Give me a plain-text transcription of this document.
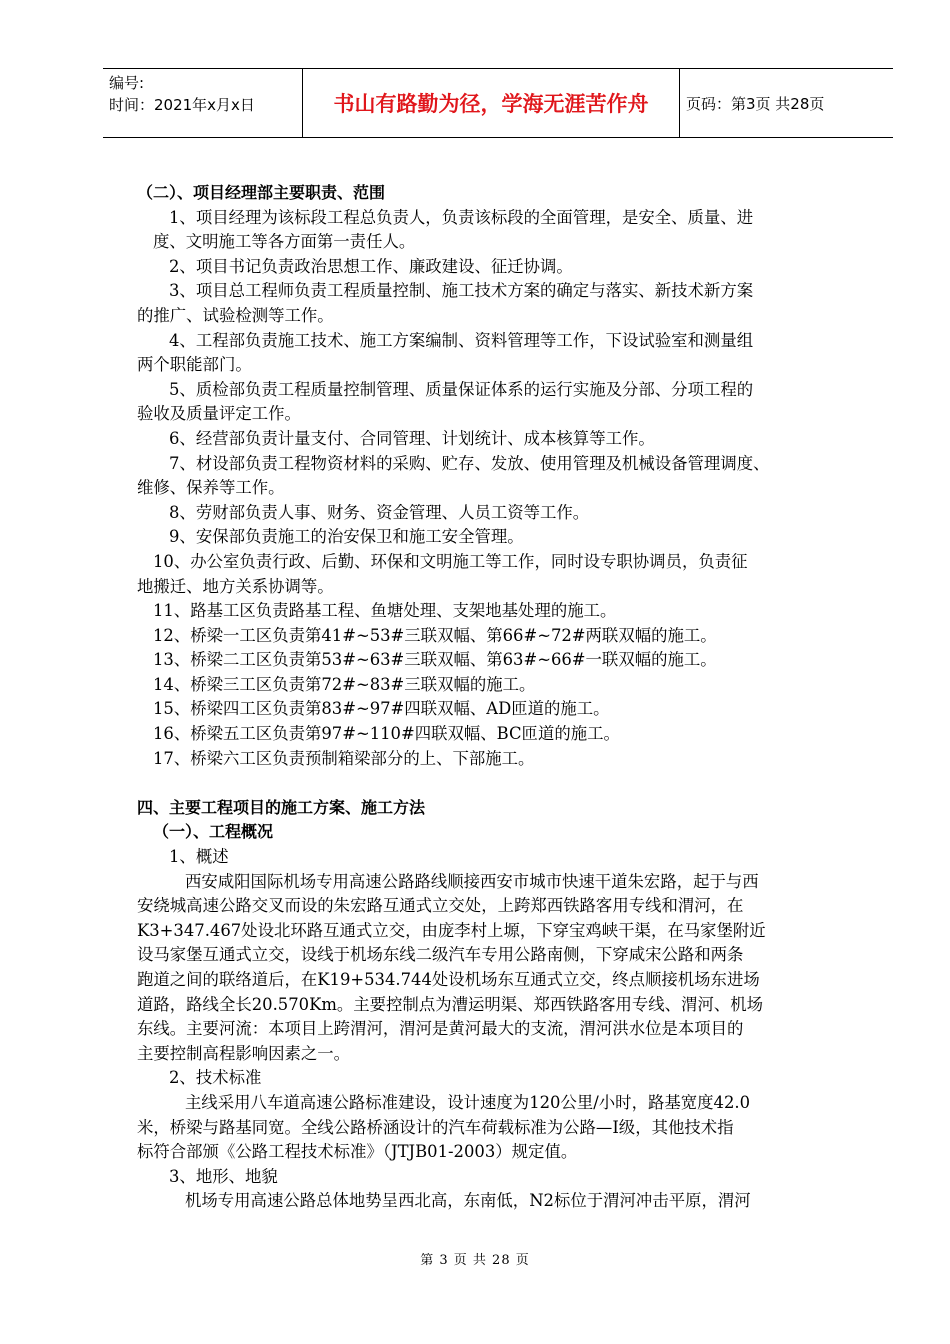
编号:
时间：2021年x月x日	书山有路勤为径，学海无涯苦作舟	页码：第3页 共28页

（二）、项目经理部主要职责、范围

1、项目经理为该标段工程总负责人，负责该标段的全面管理，是安全、质量、进

度、文明施工等各方面第一责任人。

2、项目书记负责政治思想工作、廉政建设、征迁协调。

3、项目总工程师负责工程质量控制、施工技术方案的确定与落实、新技术新方案

的推广、试验检测等工作。

4、工程部负责施工技术、施工方案编制、资料管理等工作，下设试验室和测量组

两个职能部门。

5、质检部负责工程质量控制管理、质量保证体系的运行实施及分部、分项工程的

验收及质量评定工作。

6、经营部负责计量支付、合同管理、计划统计、成本核算等工作。

7、材设部负责工程物资材料的采购、贮存、发放、使用管理及机械设备管理调度、

维修、保养等工作。

8、劳财部负责人事、财务、资金管理、人员工资等工作。

9、安保部负责施工的治安保卫和施工安全管理。

10、办公室负责行政、后勤、环保和文明施工等工作，同时设专职协调员，负责征

地搬迁、地方关系协调等。

11、路基工区负责路基工程、鱼塘处理、支架地基处理的施工。

12、桥梁一工区负责第41#~53#三联双幅、第66#~72#两联双幅的施工。

13、桥梁二工区负责第53#~63#三联双幅、第63#~66#一联双幅的施工。

14、桥梁三工区负责第72#~83#三联双幅的施工。

15、桥梁四工区负责第83#~97#四联双幅、AD匝道的施工。

16、桥梁五工区负责第97#~110#四联双幅、BC匝道的施工。

17、桥梁六工区负责预制箱梁部分的上、下部施工。

四、主要工程项目的施工方案、施工方法

（一）、工程概况

1、概述

西安咸阳国际机场专用高速公路路线顺接西安市城市快速干道朱宏路，起于与西

安绕城高速公路交叉而设的朱宏路互通式立交处，上跨郑西铁路客用专线和渭河，在

K3+347.467处设北环路互通式立交，由庞李村上塬，下穿宝鸡峡干渠，在马家堡附近

设马家堡互通式立交，设线于机场东线二级汽车专用公路南侧，下穿咸宋公路和两条

跑道之间的联络道后，在K19+534.744处设机场东互通式立交，终点顺接机场东进场

道路，路线全长20.570Km。主要控制点为漕运明渠、郑西铁路客用专线、渭河、机场

东线。主要河流：本项目上跨渭河，渭河是黄河最大的支流，渭河洪水位是本项目的

主要控制高程影响因素之一。

2、技术标准

主线采用八车道高速公路标准建设，设计速度为120公里/小时，路基宽度42.0

米，桥梁与路基同宽。全线公路桥涵设计的汽车荷载标准为公路—Ⅰ级，其他技术指

标符合部颁《公路工程技术标准》（JTJB01-2003）规定值。

3、地形、地貌

机场专用高速公路总体地势呈西北高，东南低，N2标位于渭河冲击平原，渭河

第 3 页 共 28 页
